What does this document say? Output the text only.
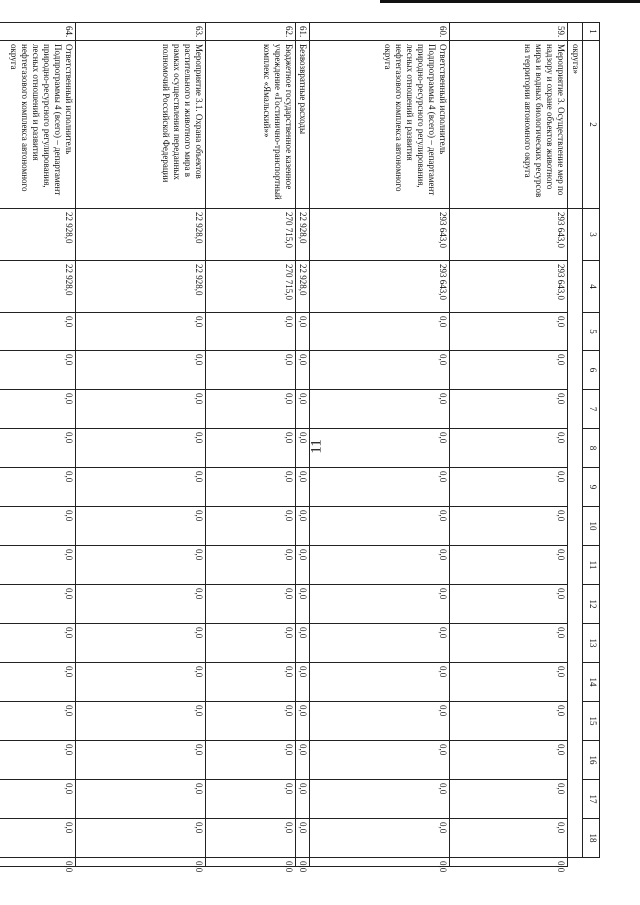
11
1	2	3	4	5	6	7	8	9	10	11	12	13	14	15	16	17	18	
	округа»																	
59.	Мероприятие 3. Осуществление мер по надзору и охране объектов животного мира и водных биологических ресурсов на территории автономного округа	293 643,0	293 643,0	0,0	0,0	0,0	0,0	0,0	0,0	0,0	0,0	0,0	0,0	0,0	0,0	0,0	0,0	0,0
60.	Ответственный исполнитель Подпрограммы 4 (всего) – департамент природно-ресурсного регулирования, лесных отношений и развития нефтегазового комплекса автономного округа	293 643,0	293 643,0	0,0	0,0	0,0	0,0	0,0	0,0	0,0	0,0	0,0	0,0	0,0	0,0	0,0	0,0	0,0
61.	Безвозвратные расходы	22 928,0	22 928,0	0,0	0,0	0,0	0,0	0,0	0,0	0,0	0,0	0,0	0,0	0,0	0,0	0,0	0,0	0,0
62.	Бюджетное государственное казенное учреждение «Гостинично-транспортный комплекс «Ямальский»»	270 715,0	270 715,0	0,0	0,0	0,0	0,0	0,0	0,0	0,0	0,0	0,0	0,0	0,0	0,0	0,0	0,0	0,0
63.	Мероприятие 3.1. Охрана объектов растительного и животного мира в рамках осуществления переданных полномочий Российской Федерации	22 928,0	22 928,0	0,0	0,0	0,0	0,0	0,0	0,0	0,0	0,0	0,0	0,0	0,0	0,0	0,0	0,0	0,0
64.	Ответственный исполнитель Подпрограммы 4 (всего) – департамент природно-ресурсного регулирования, лесных отношений и развития нефтегазового комплекса автономного округа	22 928,0	22 928,0	0,0	0,0	0,0	0,0	0,0	0,0	0,0	0,0	0,0	0,0	0,0	0,0	0,0	0,0	0,0
